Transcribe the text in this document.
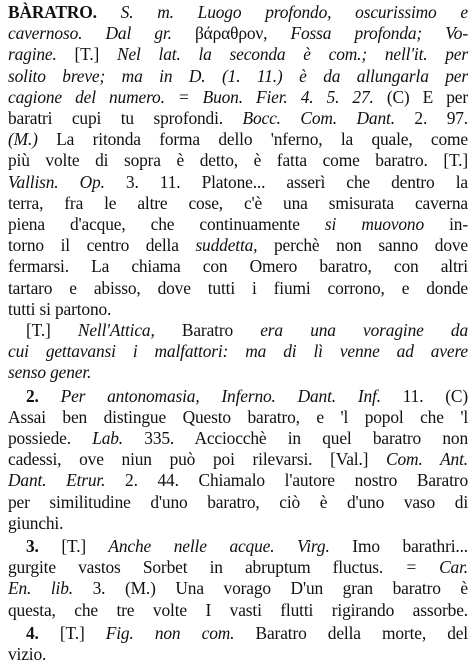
BÀRATRO. S. m. Luogo profondo, oscurissimo e
cavernoso. Dal gr. βάραθρον, Fossa profonda; Vo-
ragine. [T.] Nel lat. la seconda è com.; nell'it. per
solito breve; ma in D. (1. 11.) è da allungarla per
cagione del numero. = Buon. Fier. 4. 5. 27. (C) E per
baratri cupi tu sprofondi. Bocc. Com. Dant. 2. 97.
(M.) La ritonda forma dello 'nferno, la quale, come
più volte di sopra è detto, è fatta come baratro. [T.]
Vallisn. Op. 3. 11. Platone... asserì che dentro la
terra, fra le altre cose, c'è una smisurata caverna
piena d'acque, che continuamente si muovono in-
torno il centro della suddetta, perchè non sanno dove
fermarsi. La chiama con Omero baratro, con altri
tartaro e abisso, dove tutti i fiumi corrono, e donde
tutti si partono.
[T.] Nell'Attica, Baratro era una voragine da
cui gettavansi i malfattori: ma di lì venne ad avere
senso gener.
2. Per antonomasia, Inferno. Dant. Inf. 11. (C)
Assai ben distingue Questo baratro, e 'l popol che 'l
possiede. Lab. 335. Acciocchè in quel baratro non
cadessi, ove niun può poi rilevarsi. [Val.] Com. Ant.
Dant. Etrur. 2. 44. Chiamalo l'autore nostro Baratro
per similitudine d'uno baratro, ciò è d'uno vaso di
giunchi.
3. [T.] Anche nelle acque. Virg. Imo barathri...
gurgite vastos Sorbet in abruptum fluctus. = Car.
En. lib. 3. (M.) Una vorago D'un gran baratro è
questa, che tre volte I vasti flutti rigirando assorbe.
4. [T.] Fig. non com. Baratro della morte, del
vizio.
